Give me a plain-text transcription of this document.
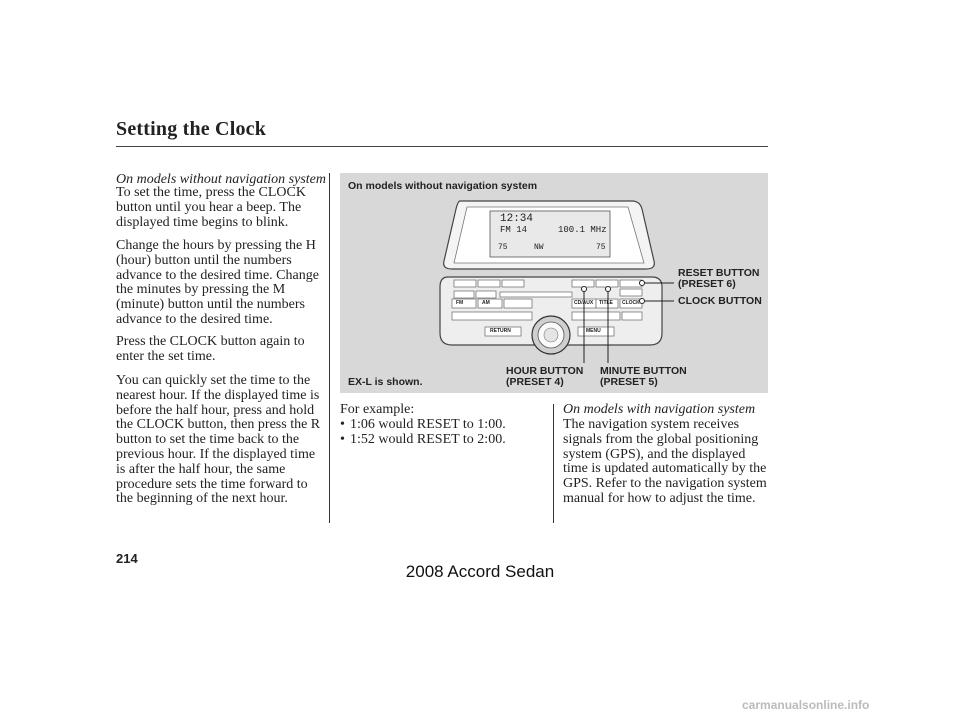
Setting the Clock
On models without navigation system
To set the time, press the CLOCK
button until you hear a beep. The
displayed time begins to blink.
Change the hours by pressing the H
(hour) button until the numbers
advance to the desired time. Change
the minutes by pressing the M
(minute) button until the numbers
advance to the desired time.
Press the CLOCK button again to
enter the set time.
You can quickly set the time to the
nearest hour. If the displayed time is
before the half hour, press and hold
the CLOCK button, then press the R
button to set the time back to the
previous hour. If the displayed time
is after the half hour, the same
procedure sets the time forward to
the beginning of the next hour.
On models without navigation system
EX-L is shown.
12:34
FM 14	100.1 MHz
NW
75	75
FM	AM	CD/AUX TITLE CLOCK
RETURN	MENU
RESET BUTTON
(PRESET 6)
CLOCK BUTTON
HOUR BUTTON
(PRESET 4)
MINUTE BUTTON
(PRESET 5)
For example:
• 1:06 would RESET to 1:00.
• 1:52 would RESET to 2:00.
On models with navigation system
The navigation system receives
signals from the global positioning
system (GPS), and the displayed
time is updated automatically by the
GPS. Refer to the navigation system
manual for how to adjust the time.
214
2008 Accord Sedan
carmanualsonline.info
